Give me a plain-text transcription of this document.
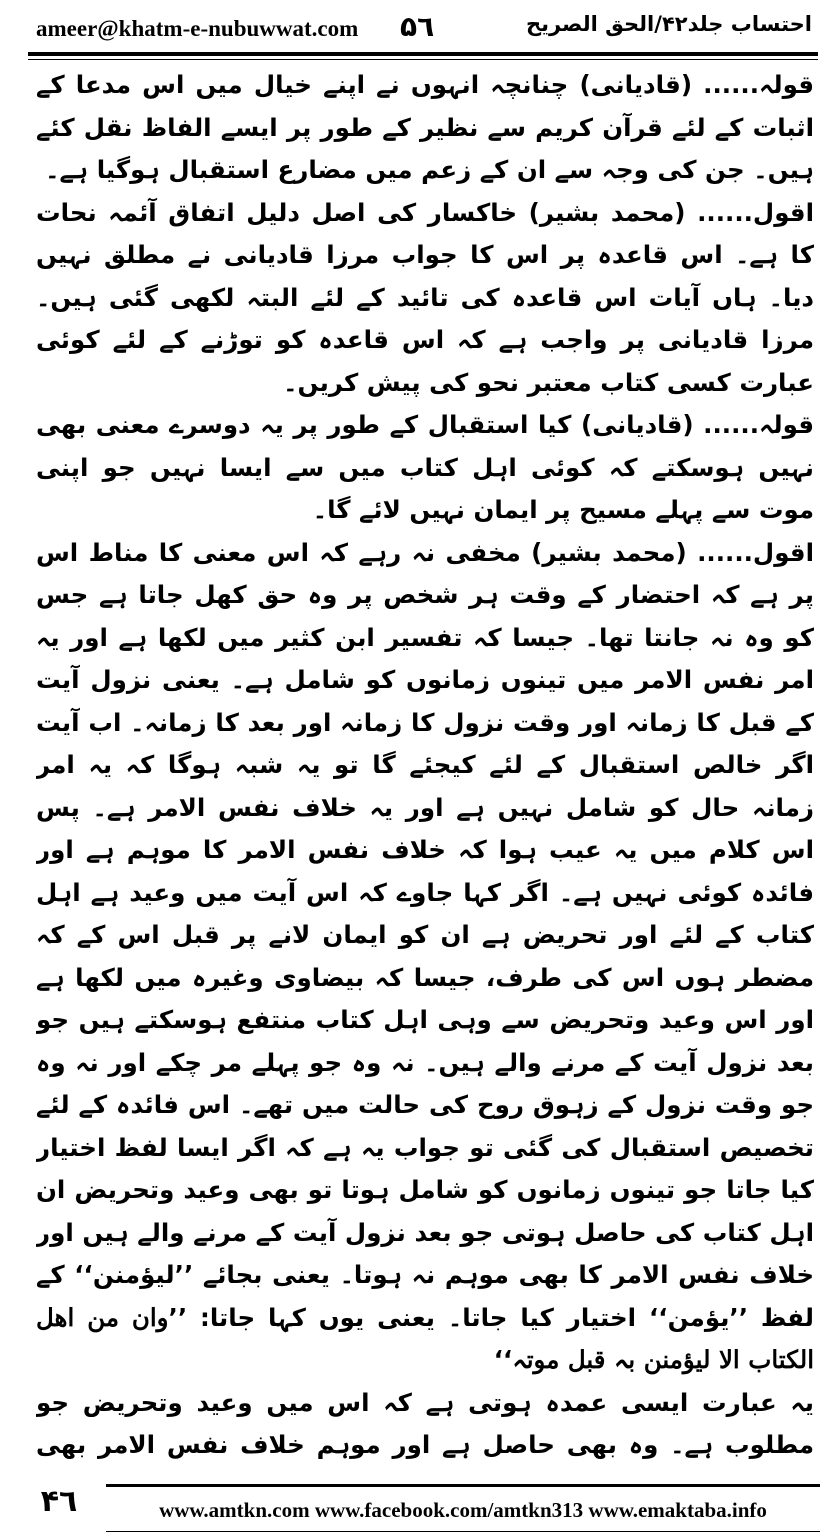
ameer@khatm-e-nubuwwat.com ۵٦	احتساب جلد۴۲/الحق الصریح

قولہ...... (قادیانی) چنانچہ انہوں نے اپنے خیال میں اس مدعا کے اثبات کے لئے قرآن کریم سے نظیر کے طور پر ایسے الفاظ نقل کئے ہیں۔ جن کی وجہ سے ان کے زعم میں مضارع استقبال ہوگیا ہے۔

اقول...... (محمد بشیر) خاکسار کی اصل دلیل اتفاق آئمہ نحات کا ہے۔ اس قاعدہ پر اس کا جواب مرزا قادیانی نے مطلق نہیں دیا۔ ہاں آیات اس قاعدہ کی تائید کے لئے البتہ لکھی گئی ہیں۔ مرزا قادیانی پر واجب ہے کہ اس قاعدہ کو توڑنے کے لئے کوئی عبارت کسی کتاب معتبر نحو کی پیش کریں۔

قولہ...... (قادیانی) کیا استقبال کے طور پر یہ دوسرے معنی بھی نہیں ہوسکتے کہ کوئی اہل کتاب میں سے ایسا نہیں جو اپنی موت سے پہلے مسیح پر ایمان نہیں لائے گا۔

اقول...... (محمد بشیر) مخفی نہ رہے کہ اس معنی کا مناط اس پر ہے کہ احتضار کے وقت ہر شخص پر وہ حق کھل جاتا ہے جس کو وہ نہ جانتا تھا۔ جیسا کہ تفسیر ابن کثیر میں لکھا ہے اور یہ امر نفس الامر میں تینوں زمانوں کو شامل ہے۔ یعنی نزول آیت کے قبل کا زمانہ اور وقت نزول کا زمانہ اور بعد کا زمانہ۔ اب آیت اگر خالص استقبال کے لئے کیجئے گا تو یہ شبہ ہوگا کہ یہ امر زمانہ حال کو شامل نہیں ہے اور یہ خلاف نفس الامر ہے۔ پس اس کلام میں یہ عیب ہوا کہ خلاف نفس الامر کا موہم ہے اور فائدہ کوئی نہیں ہے۔ اگر کہا جاوے کہ اس آیت میں وعید ہے اہل کتاب کے لئے اور تحریض ہے ان کو ایمان لانے پر قبل اس کے کہ مضطر ہوں اس کی طرف، جیسا کہ بیضاوی وغیرہ میں لکھا ہے اور اس وعید وتحریض سے وہی اہل کتاب منتفع ہوسکتے ہیں جو بعد نزول آیت کے مرنے والے ہیں۔ نہ وہ جو پہلے مر چکے اور نہ وہ جو وقت نزول کے زہوق روح کی حالت میں تھے۔ اس فائدہ کے لئے تخصیص استقبال کی گئی تو جواب یہ ہے کہ اگر ایسا لفظ اختیار کیا جاتا جو تینوں زمانوں کو شامل ہوتا تو بھی وعید وتحریض ان اہل کتاب کی حاصل ہوتی جو بعد نزول آیت کے مرنے والے ہیں اور خلاف نفس الامر کا بھی موہم نہ ہوتا۔ یعنی بجائے ’’لیؤمنن‘‘ کے لفظ ’’یؤمن‘‘ اختیار کیا جاتا۔ یعنی یوں کہا جاتا: ’’وان من اھل الکتاب الا لیؤمنن بہ قبل موتہ‘‘

یہ عبارت ایسی عمدہ ہوتی ہے کہ اس میں وعید وتحریض جو مطلوب ہے۔ وہ بھی حاصل ہے اور موہم خلاف نفس الامر بھی

۴٦	www.amtkn.com www.facebook.com/amtkn313 www.emaktaba.info
